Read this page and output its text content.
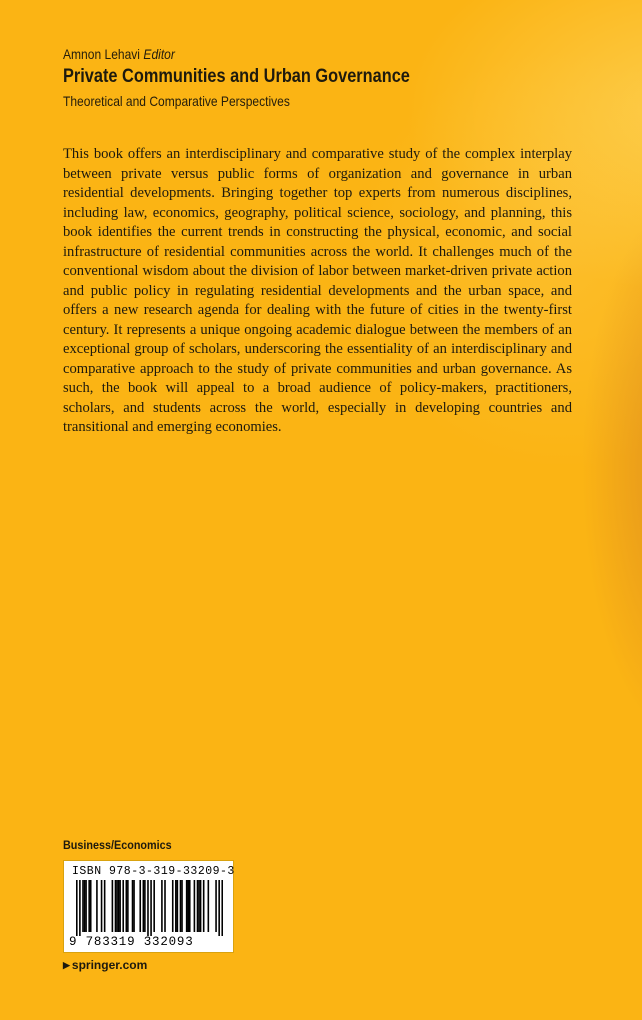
Amnon Lehavi Editor
Private Communities and Urban Governance
Theoretical and Comparative Perspectives

This book offers an interdisciplinary and comparative study of the complex interplay between private versus public forms of organization and governance in urban residential developments. Bringing together top experts from numerous disciplines, including law, economics, geography, political science, sociology, and planning, this book identifies the current trends in constructing the physical, economic, and social infrastructure of residential communities across the world. It challenges much of the conventional wisdom about the division of labor between market-driven private action and public policy in regulating residential developments and the urban space, and offers a new research agenda for dealing with the future of cities in the twenty-first century. It represents a unique ongoing academic dialogue between the members of an exceptional group of scholars, underscoring the essentiality of an interdisciplinary and comparative approach to the study of private communities and urban governance. As such, the book will appeal to a broad audience of policy-makers, practitioners, scholars, and students across the world, especially in developing countries and transitional and emerging economies.

Business/Economics
ISBN 978-3-319-33209-3
9 783319 332093
▶ springer.com
